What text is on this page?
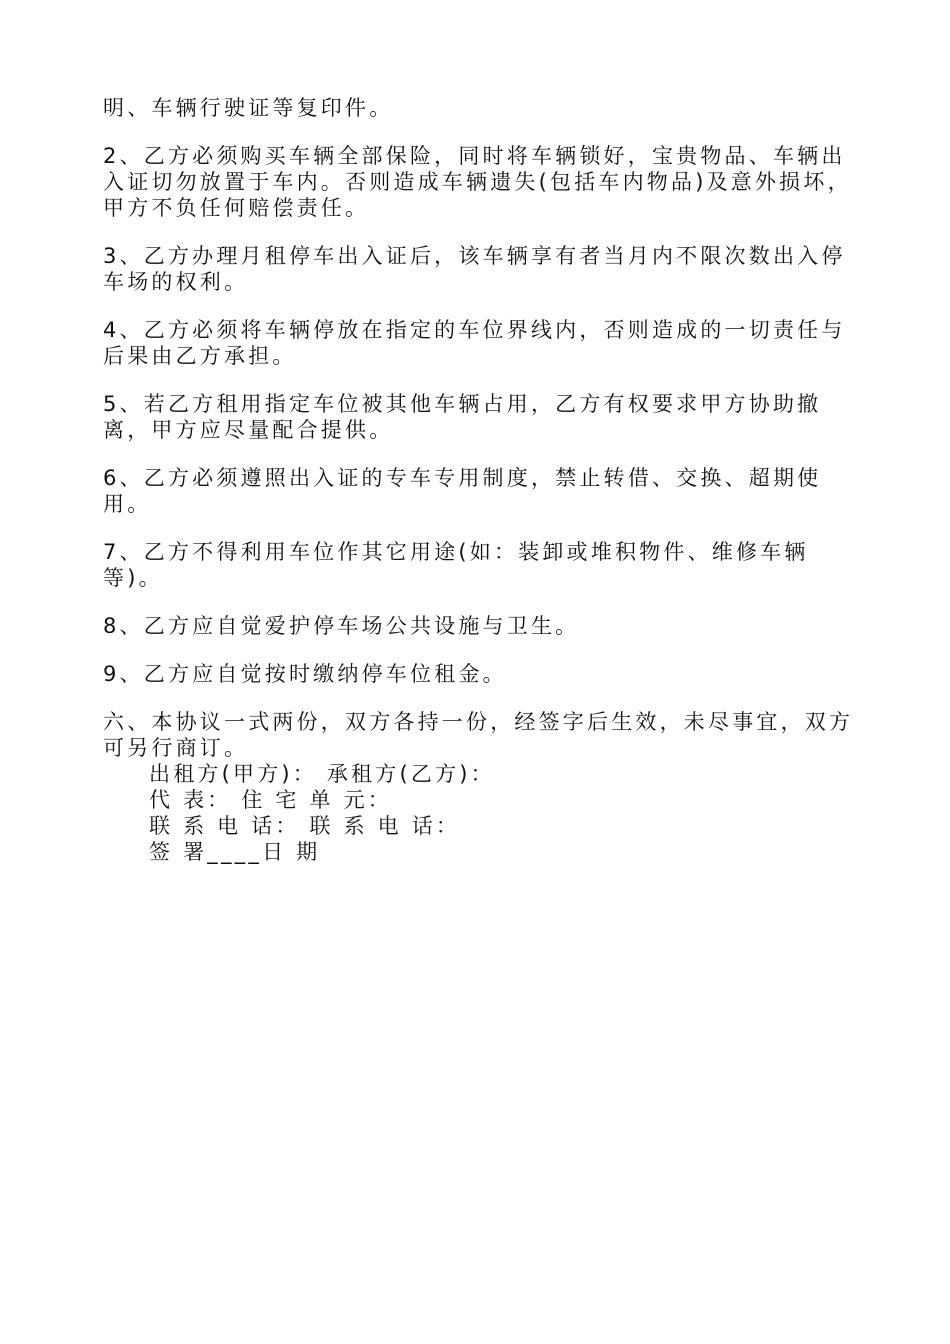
明、车辆行驶证等复印件。

2、乙方必须购买车辆全部保险，同时将车辆锁好，宝贵物品、车辆出入证切勿放置于车内。否则造成车辆遗失(包括车内物品)及意外损坏，甲方不负任何赔偿责任。

3、乙方办理月租停车出入证后，该车辆享有者当月内不限次数出入停车场的权利。

4、乙方必须将车辆停放在指定的车位界线内，否则造成的一切责任与后果由乙方承担。

5、若乙方租用指定车位被其他车辆占用，乙方有权要求甲方协助撤离，甲方应尽量配合提供。

6、乙方必须遵照出入证的专车专用制度，禁止转借、交换、超期使用。

7、乙方不得利用车位作其它用途(如：装卸或堆积物件、维修车辆等)。

8、乙方应自觉爱护停车场公共设施与卫生。

9、乙方应自觉按时缴纳停车位租金。

六、本协议一式两份，双方各持一份，经签字后生效，未尽事宜，双方可另行商订。

出租方(甲方)： 承租方(乙方)：
代 表： 住 宅 单 元：
联 系 电 话： 联 系 电 话：
签 署____日 期
